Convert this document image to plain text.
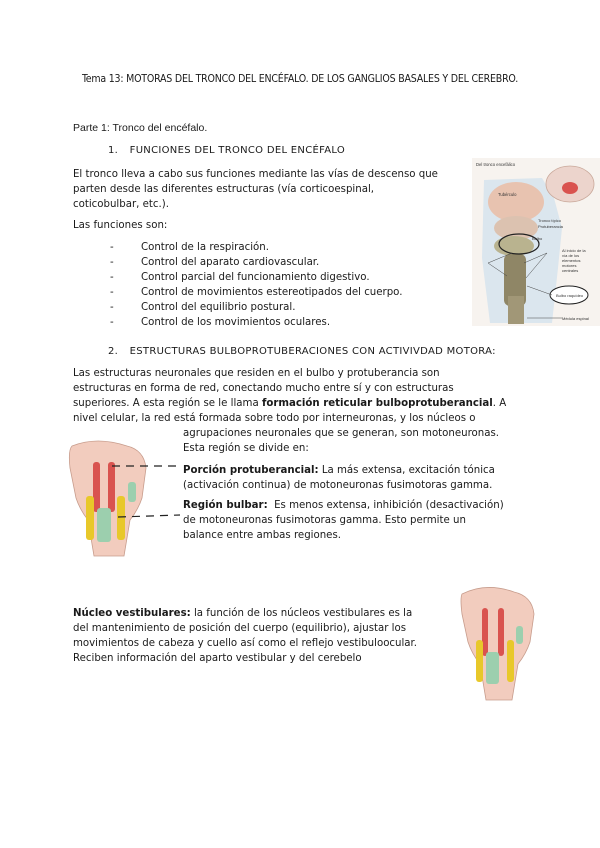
Tema 13: MOTORAS DEL TRONCO DEL ENCÉFALO. DE LOS GANGLIOS BASALES Y DEL CEREBRO.
Parte 1: Tronco del encéfalo.
1. FUNCIONES DEL TRONCO DEL ENCÉFALO
El tronco lleva a cabo sus funciones mediante las vías de descenso que
parten desde las diferentes estructuras (vía corticoespinal,
coticobulbar, etc.).
Las funciones son:
-	Control de la respiración.
-	Control del aparato cardiovascular.
-	Control parcial del funcionamiento digestivo.
-	Control de movimientos estereotipados del cuerpo.
-	Control del equilibrio postural.
-	Control de los movimientos oculares.
Del tronco encefálico
Tubérculo
Tronco típico
Protuberancia
Bulbo
Al inicio de la
vía de los
elementos
motores
centrales
Bulbo raquídeo
Médula espinal
2. ESTRUCTURAS BULBOPROTUBERACIONES CON ACTIVIVDAD MOTORA:
Las estructuras neuronales que residen en el bulbo y protuberancia son
estructuras en forma de red, conectando mucho entre sí y con estructuras
superiores. A esta región se le llama formación reticular bulboprotuberancial. A
nivel celular, la red está formada sobre todo por interneuronas, y los núcleos o
agrupaciones neuronales que se generan, son motoneuronas.
Esta región se divide en:
Porción protuberancial: La más extensa, excitación tónica
(activación continua) de motoneuronas fusimotoras gamma.
Región bulbar:  Es menos extensa, inhibición (desactivación)
de motoneuronas fusimotoras gamma. Esto permite un
balance entre ambas regiones.
Núcleo vestibulares: la función de los núcleos vestibulares es la
del mantenimiento de posición del cuerpo (equilibrio), ajustar los
movimientos de cabeza y cuello así como el reflejo vestibuloocular.
Reciben información del aparto vestibular y del cerebelo
